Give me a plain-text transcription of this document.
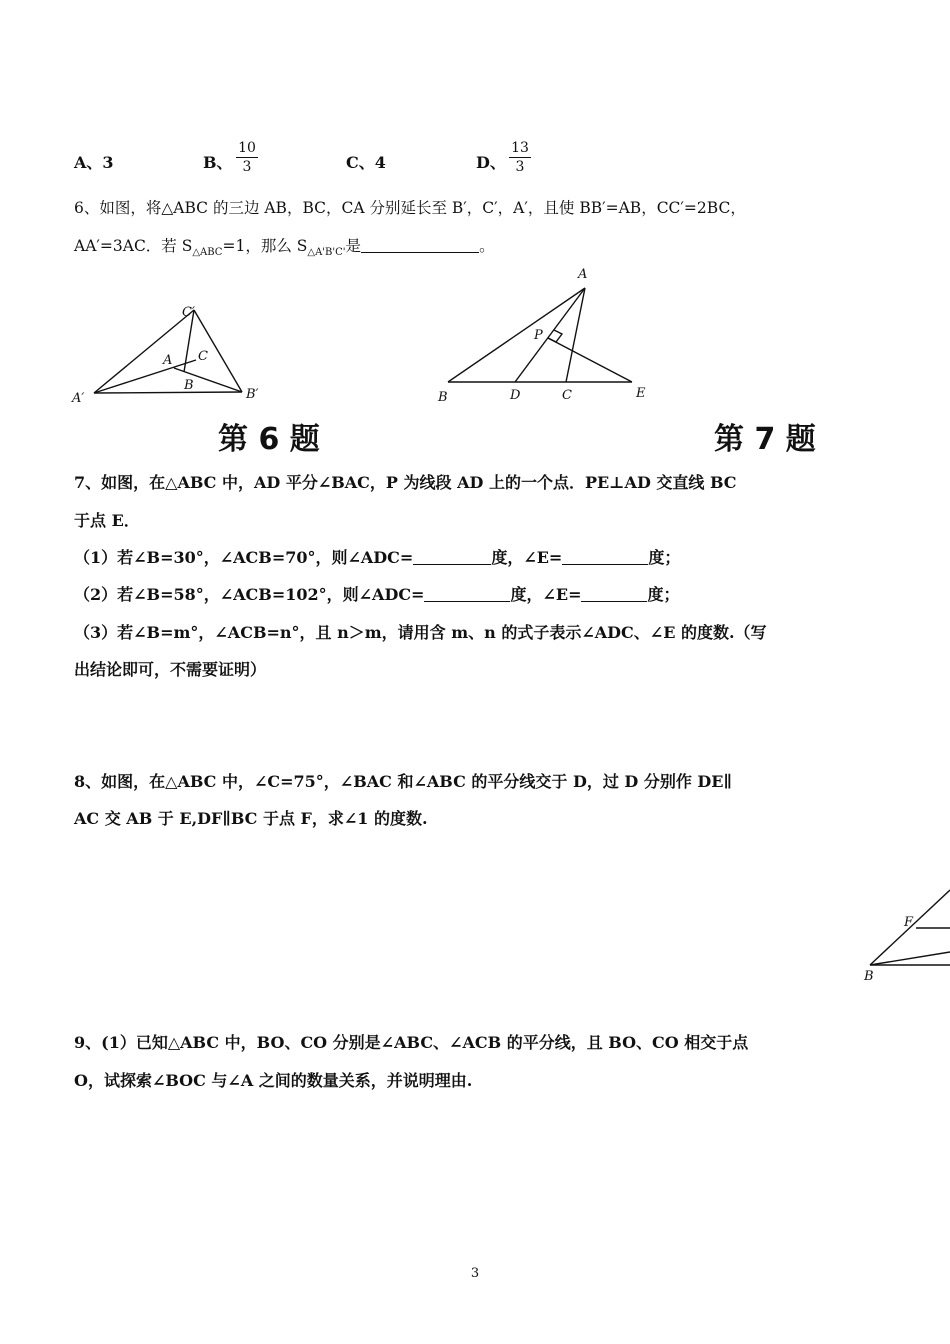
A、3	B、 $\frac{10}{3}$	C、4	D、 $\frac{13}{3}$
6、如图，将△ABC 的三边 AB，BC，CA 分别延长至 B′，C′，A′，且使 BB′=AB，CC′=2BC，
AA′=3AC．若 $S_{\triangle ABC}=1$，那么 $S_{\triangle A'B'C'}$是	。
C′
A C
B
A′	B′
A
P
B	D	C	E
第 6 题	第 7 题
7、如图，在△ABC 中，AD 平分∠BAC，P 为线段 AD 上的一个点．PE⊥AD 交直线 BC
于点 E．
（1）若∠B=30°，∠ACB=70°，则∠ADC=	度，∠E=	度；
（2）若∠B=58°，∠ACB=102°，则∠ADC=	度，∠E=	度；
（3）若∠B=m°，∠ACB=n°，且 n＞m，请用含 m、n 的式子表示∠ADC、∠E 的度数.（写
出结论即可，不需要证明）
8、如图，在△ABC 中，∠C=75°，∠BAC 和∠ABC 的平分线交于 D，过 D 分别作 DE∥
AC 交 AB 于 E,DF∥BC 于点 F，求∠1 的度数.
F
B
9、(1）已知△ABC 中，BO、CO 分别是∠ABC、∠ACB 的平分线，且 BO、CO 相交于点
O，试探索∠BOC 与∠A 之间的数量关系，并说明理由.
3
